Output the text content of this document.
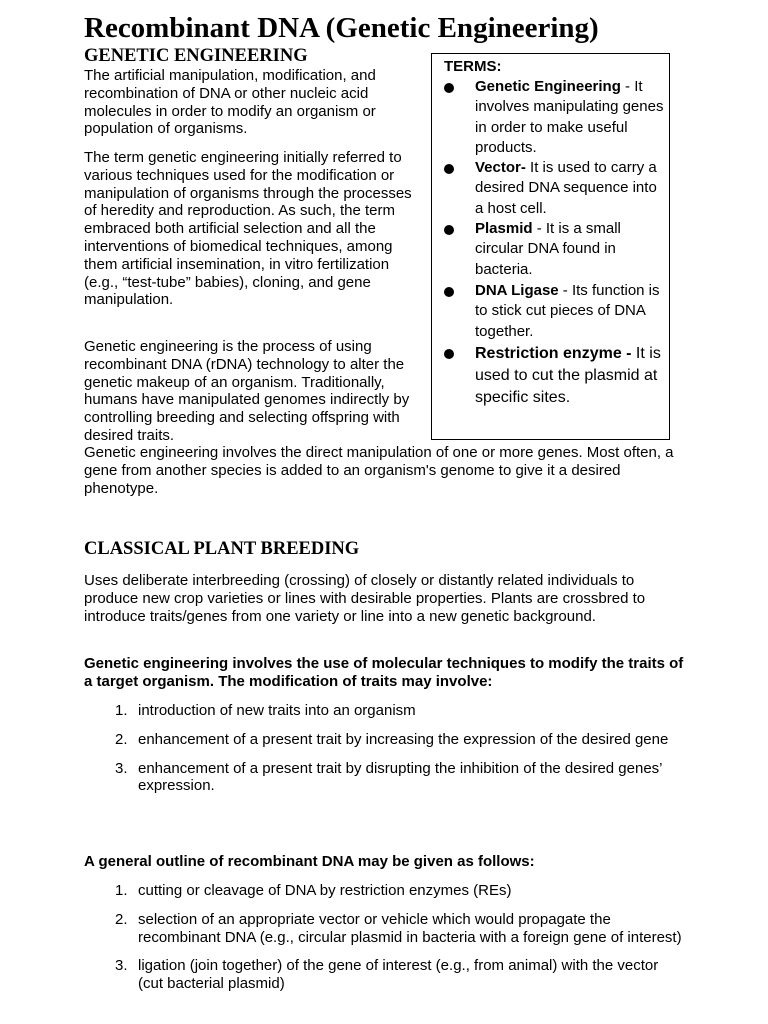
Recombinant DNA (Genetic Engineering)
GENETIC ENGINEERING

The artificial manipulation, modification, and recombination of DNA or other nucleic acid molecules in order to modify an organism or population of organisms.

The term genetic engineering initially referred to various techniques used for the modification or manipulation of organisms through the processes of heredity and reproduction. As such, the term embraced both artificial selection and all the interventions of biomedical techniques, among them artificial insemination, in vitro fertilization (e.g., “test-tube” babies), cloning, and gene manipulation.

Genetic engineering is the process of using recombinant DNA (rDNA) technology to alter the genetic makeup of an organism. Traditionally, humans have manipulated genomes indirectly by controlling breeding and selecting offspring with desired traits.

Genetic engineering involves the direct manipulation of one or more genes. Most often, a gene from another species is added to an organism's genome to give it a desired phenotype.

TERMS:

Genetic Engineering - It involves manipulating genes in order to make useful products.

Vector- It is used to carry a desired DNA sequence into a host cell.

Plasmid - It is a small circular DNA found in bacteria.

DNA Ligase - Its function is to stick cut pieces of DNA together.

Restriction enzyme - It is used to cut the plasmid at specific sites.

CLASSICAL PLANT BREEDING

Uses deliberate interbreeding (crossing) of closely or distantly related individuals to produce new crop varieties or lines with desirable properties. Plants are crossbred to introduce traits/genes from one variety or line into a new genetic background.

Genetic engineering involves the use of molecular techniques to modify the traits of a target organism. The modification of traits may involve:

1. introduction of new traits into an organism
2. enhancement of a present trait by increasing the expression of the desired gene
3. enhancement of a present trait by disrupting the inhibition of the desired genes’ expression.

A general outline of recombinant DNA may be given as follows:

1. cutting or cleavage of DNA by restriction enzymes (REs)
2. selection of an appropriate vector or vehicle which would propagate the recombinant DNA (e.g., circular plasmid in bacteria with a foreign gene of interest)
3. ligation (join together) of the gene of interest (e.g., from animal) with the vector (cut bacterial plasmid)
